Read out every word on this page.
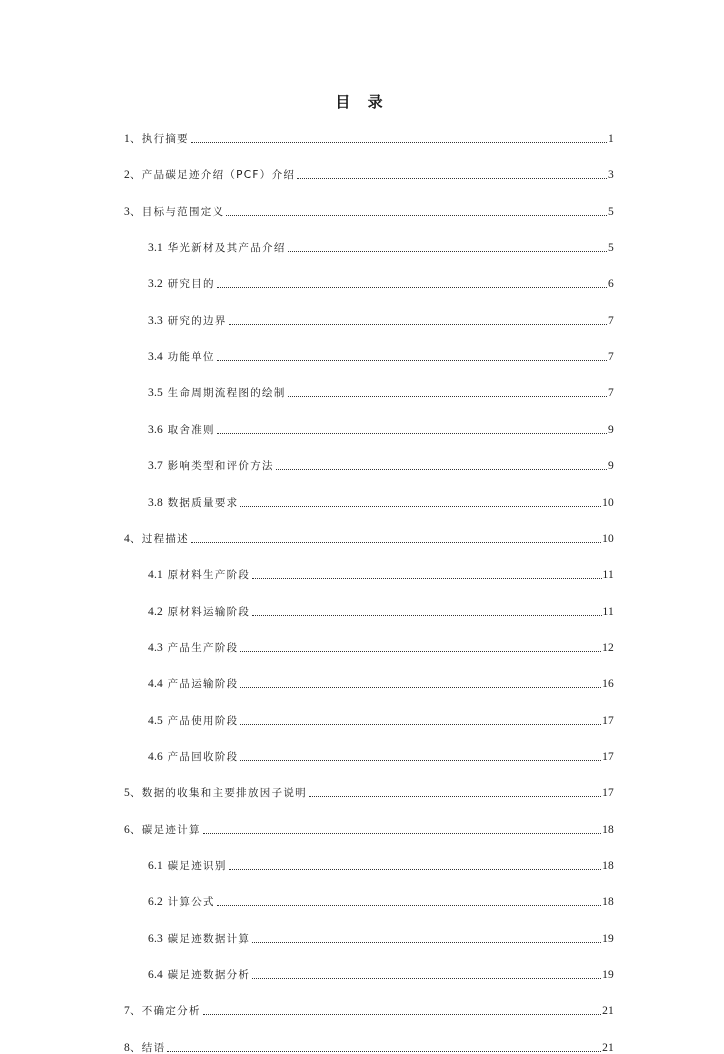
目 录
1、执行摘要	1
2、产品碳足迹介绍（PCF）介绍	3
3、目标与范围定义	5
3.1 华光新材及其产品介绍	5
3.2 研究目的	6
3.3 研究的边界	7
3.4 功能单位	7
3.5 生命周期流程图的绘制	7
3.6 取舍准则	9
3.7 影响类型和评价方法	9
3.8 数据质量要求	10
4、过程描述	10
4.1 原材料生产阶段	11
4.2 原材料运输阶段	11
4.3 产品生产阶段	12
4.4 产品运输阶段	16
4.5 产品使用阶段	17
4.6 产品回收阶段	17
5、数据的收集和主要排放因子说明	17
6、碳足迹计算	18
6.1 碳足迹识别	18
6.2 计算公式	18
6.3 碳足迹数据计算	19
6.4 碳足迹数据分析	19
7、不确定分析	21
8、结语	21
